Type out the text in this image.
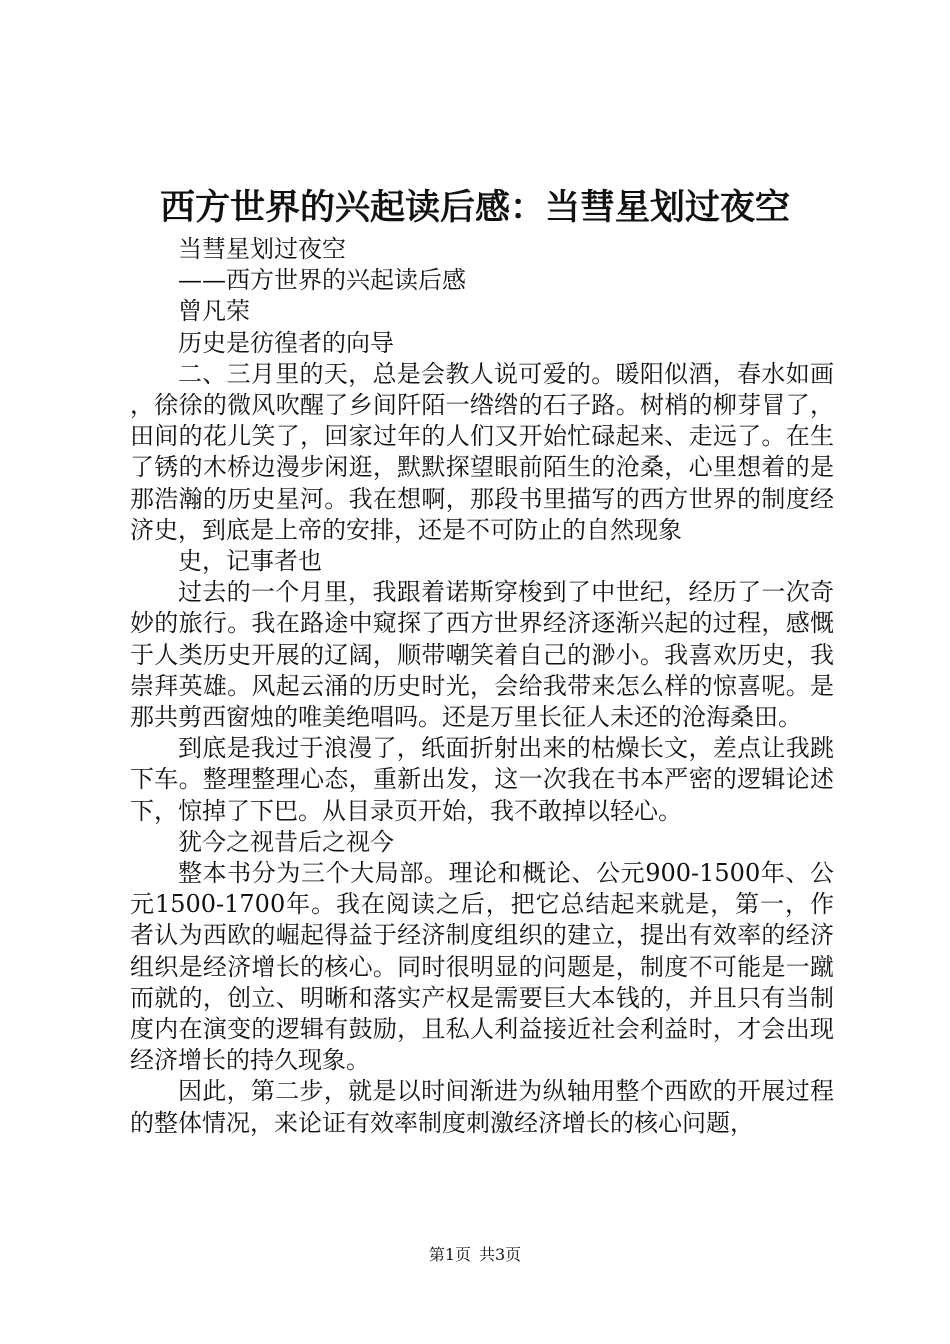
西方世界的兴起读后感：当彗星划过夜空

当彗星划过夜空

——西方世界的兴起读后感

曾凡荣

历史是彷徨者的向导

二、三月里的天，总是会教人说可爱的。暖阳似酒，春水如画，徐徐的微风吹醒了乡间阡陌一绺绺的石子路。树梢的柳芽冒了，田间的花儿笑了，回家过年的人们又开始忙碌起来、走远了。在生了锈的木桥边漫步闲逛，默默探望眼前陌生的沧桑，心里想着的是那浩瀚的历史星河。我在想啊，那段书里描写的西方世界的制度经济史，到底是上帝的安排，还是不可防止的自然现象

史，记事者也

过去的一个月里，我跟着诺斯穿梭到了中世纪，经历了一次奇妙的旅行。我在路途中窥探了西方世界经济逐渐兴起的过程，感慨于人类历史开展的辽阔，顺带嘲笑着自己的渺小。我喜欢历史，我崇拜英雄。风起云涌的历史时光，会给我带来怎么样的惊喜呢。是那共剪西窗烛的唯美绝唱吗。还是万里长征人未还的沧海桑田。

到底是我过于浪漫了，纸面折射出来的枯燥长文，差点让我跳下车。整理整理心态，重新出发，这一次我在书本严密的逻辑论述下，惊掉了下巴。从目录页开始，我不敢掉以轻心。

犹今之视昔后之视今

整本书分为三个大局部。理论和概论、公元900-1500年、公元1500-1700年。我在阅读之后，把它总结起来就是，第一，作者认为西欧的崛起得益于经济制度组织的建立，提出有效率的经济组织是经济增长的核心。同时很明显的问题是，制度不可能是一蹴而就的，创立、明晰和落实产权是需要巨大本钱的，并且只有当制度内在演变的逻辑有鼓励，且私人利益接近社会利益时，才会出现经济增长的持久现象。

因此，第二步，就是以时间渐进为纵轴用整个西欧的开展过程的整体情况，来论证有效率制度刺激经济增长的核心问题，

第1页 共3页
